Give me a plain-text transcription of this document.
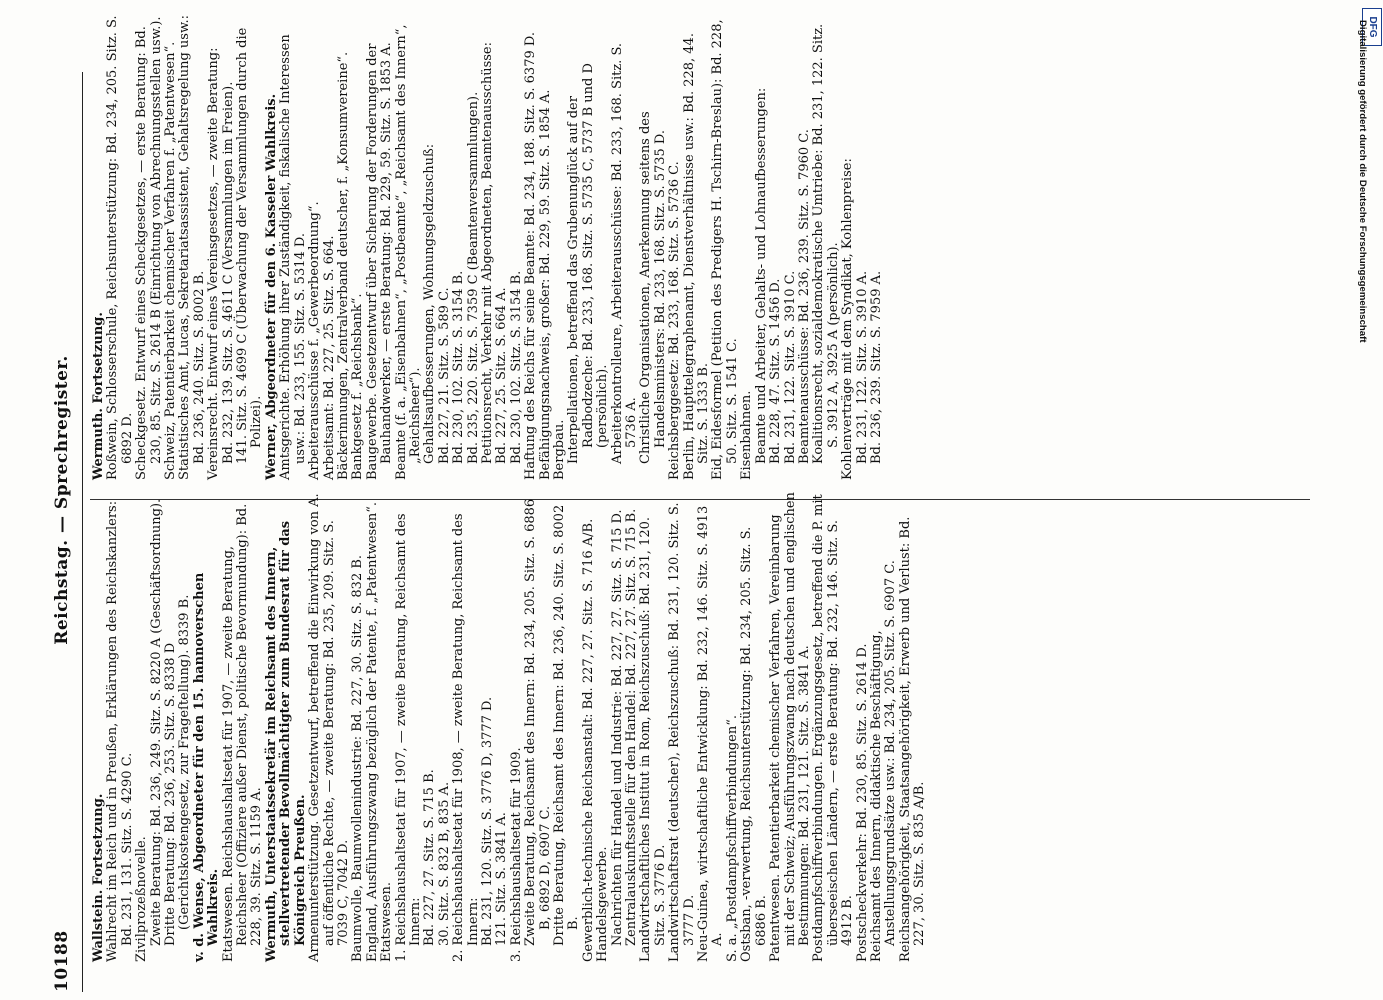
10188
Reichstag. — Sprechregister.

Wallstein. Fortsetzung. Wahlrecht im Reich und in Preußen, Erklärungen des Reichskanzlers: Bd. 231, 131. Sitz. S. 4290 C. Zivilprozeßnovelle. Zweite Beratung: Bd. 236, 249. Sitz. S. 8220 A (Geschäftsordnung). Dritte Beratung: Bd. 236, 253. Sitz. S. 8338 D (Gerichtskostengesetz, zur Frageſtellung). 8339 B. v. d. Wense, Abgeordneter für den 15. hannoverschen Wahlkreis. Etatswesen. Reichshaushaltsetat für 1907, — zweite Beratung, Reichsheer (Offiziere außer Dienst, politische Bevormundung): Bd. 228, 39. Sitz. S. 1159 A. Wermuth, Unterstaatssekretär im Reichsamt des Innern, stellvertretender Bevollmächtigter zum Bundesrat für das Königreich Preußen. Armenunterstützung. Gesetzentwurf, betreffend die Einwirkung von A. auf öffentliche Rechte, — zweite Beratung: Bd. 235, 209. Sitz. S. 7039 C, 7042 D. Baumwolle, Baumwollenindustrie: Bd. 227, 30. Sitz. S. 832 B. England, Ausführungszwang bezüglich der Patente, f. „Patentwesen“. Etatswesen. 1. Reichshaushaltsetat für 1907, — zweite Beratung, Reichsamt des Innern: Bd. 227, 27. Sitz. S. 715 B. 30. Sitz. S. 832 B, 835 A. 2. Reichshaushaltsetat für 1908, — zweite Beratung, Reichsamt des Innern: Bd. 231, 120. Sitz. S. 3776 D, 3777 D. 121. Sitz. S. 3841 A. 3. Reichshaushaltsetat für 1909. Zweite Beratung, Reichsamt des Innern: Bd. 234, 205. Sitz. S. 6886 B, 6892 D, 6907 C. Dritte Beratung, Reichsamt des Innern: Bd. 236, 240. Sitz. S. 8002 B. Gewerblich-technische Reichsanstalt: Bd. 227, 27. Sitz. S. 716 A/B. Handelsgewerbe. Nachrichten für Handel und Industrie: Bd. 227, 27. Sitz. S. 715 D. Zentralauskunftsstelle für den Handel: Bd. 227, 27. Sitz. S. 715 B. Landwirtschaftliches Institut in Rom, Reichszuschuß: Bd. 231, 120. Sitz. S. 3776 D. Landwirtschaftsrat (deutscher), Reichszuschuß: Bd. 231, 120. Sitz. S. 3777 D. Neu-Guinea, wirtschaftliche Entwicklung: Bd. 232, 146. Sitz. S. 4913 A. S. a. „Postdampfschiffverbindungen“. Ostsban, -verwertung, Reichsunterstützung: Bd. 234, 205. Sitz. S. 6886 B. Patentwesen. Patentierbarkeit chemischer Verfahren, Vereinbarung mit der Schweiz; Ausführungszwang nach deutschen und englischen Bestimmungen: Bd. 231, 121. Sitz. S. 3841 A. Postdampfschiffverbindungen. Ergänzungsgesetz, betreffend die P. mit überseeischen Ländern, — erste Beratung: Bd. 232, 146. Sitz. S. 4912 B. Postscheckverkehr: Bd. 230, 85. Sitz. S. 2614 D. Reichsamt des Innern, didaktische Beschäftigung, Anstellungsgrundsätze usw.: Bd. 234, 205. Sitz. S. 6907 C. Reichsangehörigkeit, Staatsangehörigkeit, Erwerb und Verlust: Bd. 227, 30. Sitz. S. 835 A/B.

Wermuth. Fortsetzung. Roßwein, Schlosserschule, Reichsunterstützung: Bd. 234, 205. Sitz. S. 6892 D. Scheckgesetz. Entwurf eines Scheckgesetzes, — erste Beratung: Bd. 230, 85. Sitz. S. 2614 B (Einrichtung von Abrechnungsstellen usw.). Schweiz, Patentierbarkeit chemischer Verfahren f. „Patentwesen“. Statistisches Amt, Lucas, Sekretariatsassistent, Gehaltsregelung usw.: Bd. 236, 240. Sitz. S. 8002 B. Vereinsrecht. Entwurf eines Vereinsgesetzes, — zweite Beratung: Bd. 232, 139. Sitz. S. 4611 C (Versammlungen im Freien). 141. Sitz. S. 4699 C (Überwachung der Versammlungen durch die Polizei). Werner, Abgeordneter für den 6. Kasseler Wahlkreis. Amtsgerichte. Erhöhung ihrer Zuständigkeit, fiskalische Interessen usw.: Bd. 233, 155. Sitz. S. 5314 D. Arbeiterausschüsse f. „Gewerbeordnung“. Arbeitsamt: Bd. 227, 25. Sitz. S. 664. Bäckerinnungen, Zentralverband deutscher, f. „Konsumvereine“. Bankgesetz f. „Reichsbank“. Baugewerbe. Gesetzentwurf über Sicherung der Forderungen der Bauhandwerker, — erste Beratung: Bd. 229, 59. Sitz. S. 1853 A. Beamte (f. a. „Eisenbahnen“, „Postbeamte“, „Reichsamt des Innern“, „Reichsheer“). Gehaltsaufbesserungen, Wohnungsgeldzuschuß: Bd. 227, 21. Sitz. S. 589 C. Bd. 230, 102. Sitz. S. 3154 B. Bd. 235, 220. Sitz. S. 7359 C (Beamtenversammlungen). Petitionsrecht, Verkehr mit Abgeordneten, Beamtenausschüsse: Bd. 227, 25. Sitz. S. 664 A. Bd. 230, 102. Sitz. S. 3154 B. Haftung des Reichs für seine Beamte: Bd. 234, 188. Sitz. S. 6379 D. Befähigungsnachweis, großer: Bd. 229, 59. Sitz. S. 1854 A. Bergbau. Interpellationen, betreffend das Grubenunglück auf der Radbodzeche: Bd. 233, 168. Sitz. S. 5735 C, 5737 B und D (persönlich). Arbeiterkontrolleure, Arbeiterausschüsse: Bd. 233, 168. Sitz. S. 5736 A. Christliche Organisationen, Anerkennung seitens des Handelsministers: Bd. 233, 168. Sitz. S. 5735 D. Reichsberggesetz: Bd. 233, 168. Sitz. S. 5736 C. Berlin, Haupttelegraphenamt, Dienstverhältnisse usw.: Bd. 228, 44. Sitz. S. 1333 B. Eid, Eidesformel (Petition des Predigers H. Tschirn-Breslau): Bd. 228, 50. Sitz. S. 1541 C. Eisenbahnen. Beamte und Arbeiter, Gehalts- und Lohnaufbesserungen: Bd. 228, 47. Sitz. S. 1456 D. Bd. 231, 122. Sitz. S. 3910 C. Beamtenausschüsse: Bd. 236, 239. Sitz. S. 7960 C. Koalitionsrecht, sozialdemokratische Umtriebe: Bd. 231, 122. Sitz. S. 3912 A, 3925 A (persönlich). Kohlenverträge mit dem Syndikat, Kohlenpreise: Bd. 231, 122. Sitz. S. 3910 A. Bd. 236, 239. Sitz. S. 7959 A.

DFG
Digitalisierung gefördert durch die Deutsche Forschungsgemeinschaft
